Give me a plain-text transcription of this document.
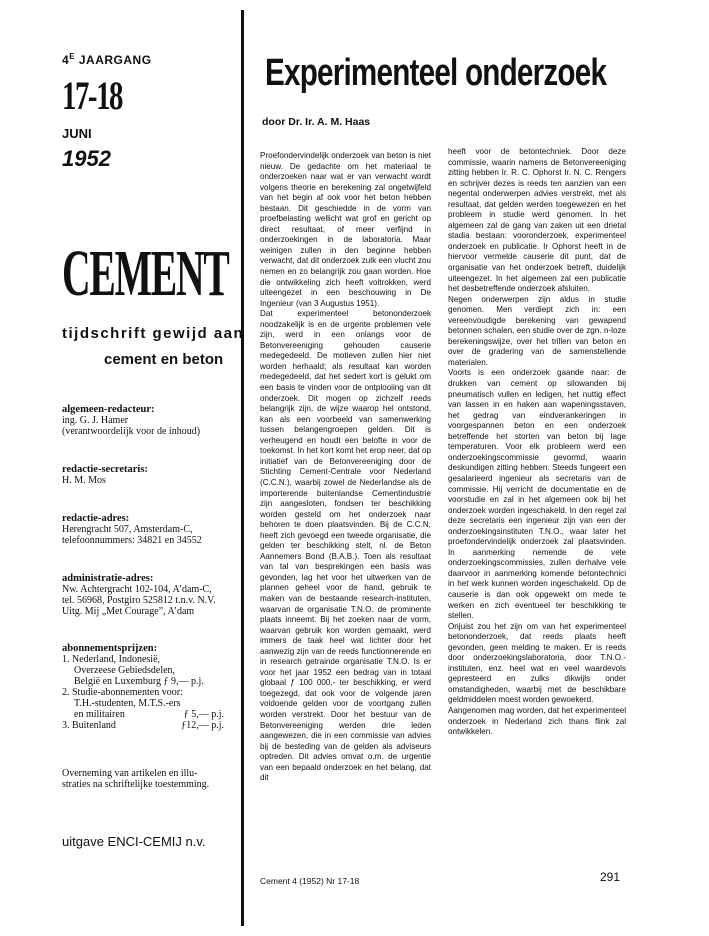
$4^E$ JAARGANG
17-18
JUNI
1952
CEMENT
tijdschrift gewijd aan
cement en beton
algemeen-redacteur:
ing. G. J. Hamer
(verantwoordelijk voor de inhoud)
redactie-secretaris:
H. M. Mos
redactie-adres:
Herengracht 507, Amsterdam-C,
telefoonnummers: 34821 en 34552
administratie-adres:
Nw. Achtergracht 102-104, A’dam-C,
tel. 56968, Postgiro 525812 t.n.v. N.V.
Uitg. Mij „Met Courage”, A’dam
abonnementsprijzen:
1. Nederland, Indonesië,
Overzeese Gebiedsdelen,
België en Luxemburg ƒ 9,— p.j.
2. Studie-abonnementen voor:
T.H.-studenten, M.T.S.-ers
en militairen	ƒ 5,— p.j.
3. Buitenland	ƒ12,— p.j.
Overneming van artikelen en illu-
straties na schriftelijke toestemming.
uitgave ENCI-CEMIJ n.v.
Experimenteel onderzoek
door Dr. Ir. A. M. Haas

Proefondervindelijk onderzoek van beton is niet nieuw. De gedachte om het materiaal te onderzoeken naar wat er van verwacht wordt volgens theorie en berekening zal ongetwijfeld van het begin af ook voor het beton hebben bestaan. Dit geschiedde in de vorm van proefbelasting wellicht wat grof en gericht op direct resultaat, of meer verfijnd in onderzoekingen in de laboratoria. Maar weinigen zullen in den beginne hebben verwacht, dat dit onderzoek zulk een vlucht zou nemen en zo belangrijk zou gaan worden. Hoe die ontwikkeling zich heeft voltrokken, werd uiteengezet in een beschouwing in De Ingenieur (van 3 Augustus 1951).

Dat experimenteel betononderzoek noodzakelijk is en de urgente problemen vele zijn, werd in een onlangs voor de Betonvereeniging gehouden causerie medegedeeld. De motieven zullen hier niet worden herhaald; als resultaat kan worden medegedeeld, dat het sedert kort is gelukt om een basis te vinden voor de ontplooiing van dit onderzoek. Dit mogen op zichzelf reeds belangrijk zijn, de wijze waarop hel ontstond, kan als een voorbeeld van samenwerking tussen belangengroepen gelden. Dit is verheugend en houdt een belofte in voor de toekomst. In het kort komt het erop neer, dat op initiatief van de Betonvereeniging door de Stichting Cement-Centrale voor Nederland (C.C.N.), waarbij zowel de Nederlandse als de importerende buitenlandse Cementindustrie zijn aangesloten, fondsen ter beschikking worden gesteld om het onderzoek naar behoren te doen plaatsvinden. Bij de C.C.N, heeft zich gevoegd een tweede organisatie, die gelden ter beschikking stelt, nl. de Beton Aannemers Bond (B.A.B.). Toen als resultaat van tal van besprekingen een basis was gevonden, lag het voor het uitwerken van de plannen geheel voor de hand, gebruik te maken van de bestaande research-instituten, waarvan de organisatie T.N.O. de prominente plaats inneemt. Bij het zoeken naar de vorm, waarvan gebruik kon worden gemaakt, werd immers de taak heel wat lichter door het aanwezig zijn van de reeds functionnerende en in research getrainde organisatie T.N.O. Is er voor het jaar 1952 een bedrag van in totaal globaal ƒ 100 000,- ter beschikking, er werd toegezegd, dat ook voor de volgende jaren voldoende gelden voor de voortgang zullen worden verstrekt. Door het bestuur van de Betonvereeniging werden drie leden aangewezen, die in een commissie van advies bij de besteding van de gelden als adviseurs optreden. Dit advies omvat o.m. de urgentie van een bepaald onderzoek en het belang, dat dit

heeft voor de betontechniek. Door deze commissie, waarin namens de Betonvereeniging zitting hebben Ir. R. C. Ophorst Ir. N. C. Rengers en schrijver dezes is reeds ten aanzien van een negental onderwerpen advies verstrekt, met als resultaat, dat gelden werden toegewezen en het probleem in studie werd genomen. In het algemeen zal de gang van zaken uit een drietal stadia bestaan: vooronderzoek, experimenteel onderzoek en publicatie. Ir Ophorst heeft in de hiervoor vermelde causerie dit punt, dat de organisatie van het onderzoek betreft, duidelijk uiteengezet. In het algemeen zal een publicatie het desbetreffende onderzoek afsluiten.

Negen onderwerpen zijn aldus in studie genomen. Men verdiept zich in: een vereenvoudigde berekening van gewapend betonnen schalen, een studie over de zgn. n-loze berekeningswijze, over het trillen van beton en over de gradering van de samenstellende materialen.

Voorts is een onderzoek gaande naar: de drukken van cement op silowanden bij pneumatisch vullen en ledigen, het nuttig effect van lassen in en haken aan wapeningsstaven, het gedrag van eindverankeringen in voorgespannen beton en een onderzoek betreffende het storten van beton bij lage temperaturen. Voor elk probleem werd een onderzoekingscommissie gevormd, waarin deskundigen zitting hebben. Steeds fungeert een gesalarieerd ingenieur als secretaris van de commissie. Hij verricht de documentatie en de voorstudie en zal in het algemeen ook bij het onderzoek worden ingeschakeld. In den regel zal deze secretaris een ingenieur zijn van een der onderzoekingsinstituten T.N.O., waar later het proefondervindelijk onderzoek zal plaatsvinden. In aanmerking nemende de vele onderzoekingscommissies, zullen derhalve vele daarvoor in aanmerking komende betontechnici in het werk kunnen worden ingeschakeld. Op de causerie is dan ook opgewekt om mede te werken en zich eventueel ter beschikking te stellen.

Onjuist zou het zijn om van het experimenteel betononderzoek, dat reeds plaats heeft gevonden, geen melding te maken. Er is reeds door onderzoekingslaboratoria, door T.N.O.-instituten, enz. heel wat en veel waardevols gepresteerd en zulks dikwijls onder omstandigheden, waarbij met de beschikbare geldmiddelen moest worden gewoekerd.

Aangenomen mag worden, dat het experimenteel onderzoek in Nederland zich thans flink zal ontwikkelen.

Cement 4 (1952) Nr 17-18	291
